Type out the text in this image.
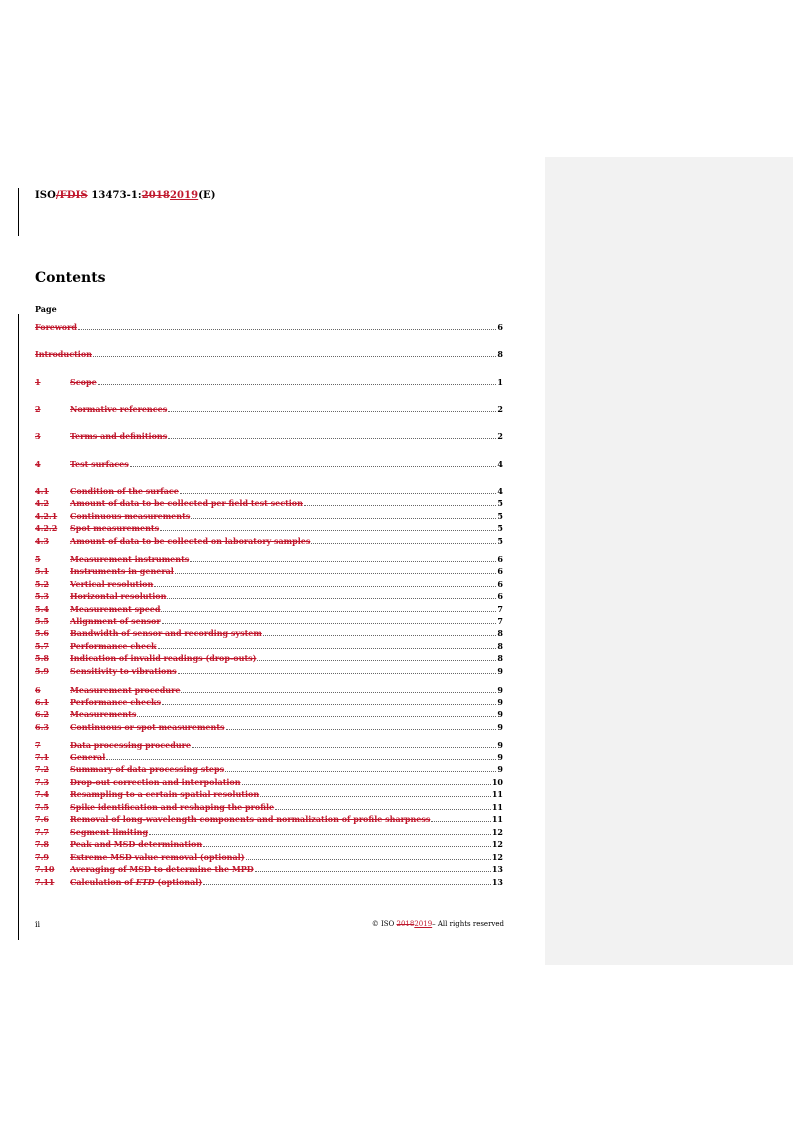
ISO/FDIS 13473-1:20182019(E)
Contents
Page
Foreword	6
Introduction	8
1	Scope	1
2	Normative references	2
3	Terms and definitions	2
4	Test surfaces	4
4.1	Condition of the surface	4
4.2	Amount of data to be collected per field test section	5
4.2.1	Continuous measurements	5
4.2.2	Spot measurements	5
4.3	Amount of data to be collected on laboratory samples	5
5	Measurement instruments	6
5.1	Instruments in general	6
5.2	Vertical resolution	6
5.3	Horizontal resolution	6
5.4	Measurement speed	7
5.5	Alignment of sensor	7
5.6	Bandwidth of sensor and recording system	8
5.7	Performance check	8
5.8	Indication of invalid readings (drop-outs)	8
5.9	Sensitivity to vibrations	9
6	Measurement procedure	9
6.1	Performance checks	9
6.2	Measurements	9
6.3	Continuous or spot measurements	9
7	Data processing procedure	9
7.1	General	9
7.2	Summary of data processing steps	9
7.3	Drop-out correction and interpolation	10
7.4	Resampling to a certain spatial resolution	11
7.5	Spike identification and reshaping the profile	11
7.6	Removal of long-wavelength components and normalization of profile sharpness	11
7.7	Segment limiting	12
7.8	Peak and MSD determination	12
7.9	Extreme MSD value removal (optional)	12
7.10	Averaging of MSD to determine the MPD	13
7.11	Calculation of ETD (optional)	13
ii	© ISO 20182019– All rights reserved
